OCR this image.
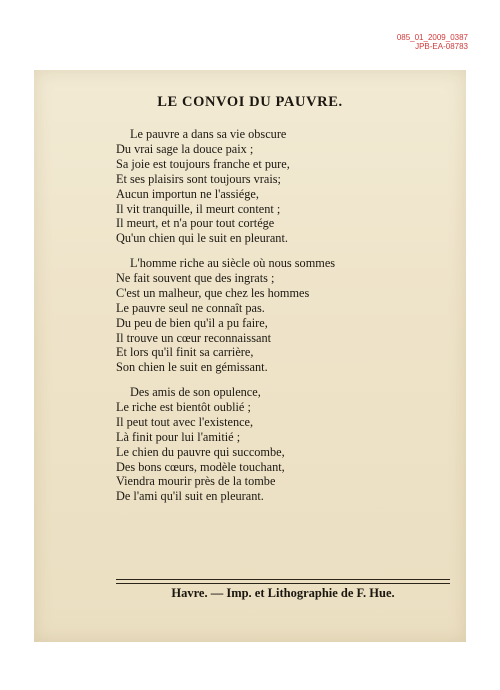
085_01_2009_0387
JPB-EA-08783
LE CONVOI DU PAUVRE.
Le pauvre a dans sa vie obscure
Du vrai sage la douce paix ;
Sa joie est toujours franche et pure,
Et ses plaisirs sont toujours vrais;
Aucun importun ne l'assiége,
Il vit tranquille, il meurt content ;
Il meurt, et n'a pour tout cortége
Qu'un chien qui le suit en pleurant.
L'homme riche au siècle où nous sommes
Ne fait souvent que des ingrats ;
C'est un malheur, que chez les hommes
Le pauvre seul ne connaît pas.
Du peu de bien qu'il a pu faire,
Il trouve un cœur reconnaissant
Et lors qu'il finit sa carrière,
Son chien le suit en gémissant.
Des amis de son opulence,
Le riche est bientôt oublié ;
Il peut tout avec l'existence,
Là finit pour lui l'amitié ;
Le chien du pauvre qui succombe,
Des bons cœurs, modèle touchant,
Viendra mourir près de la tombe
De l'ami qu'il suit en pleurant.
Havre. — Imp. et Lithographie de F. Hue.
